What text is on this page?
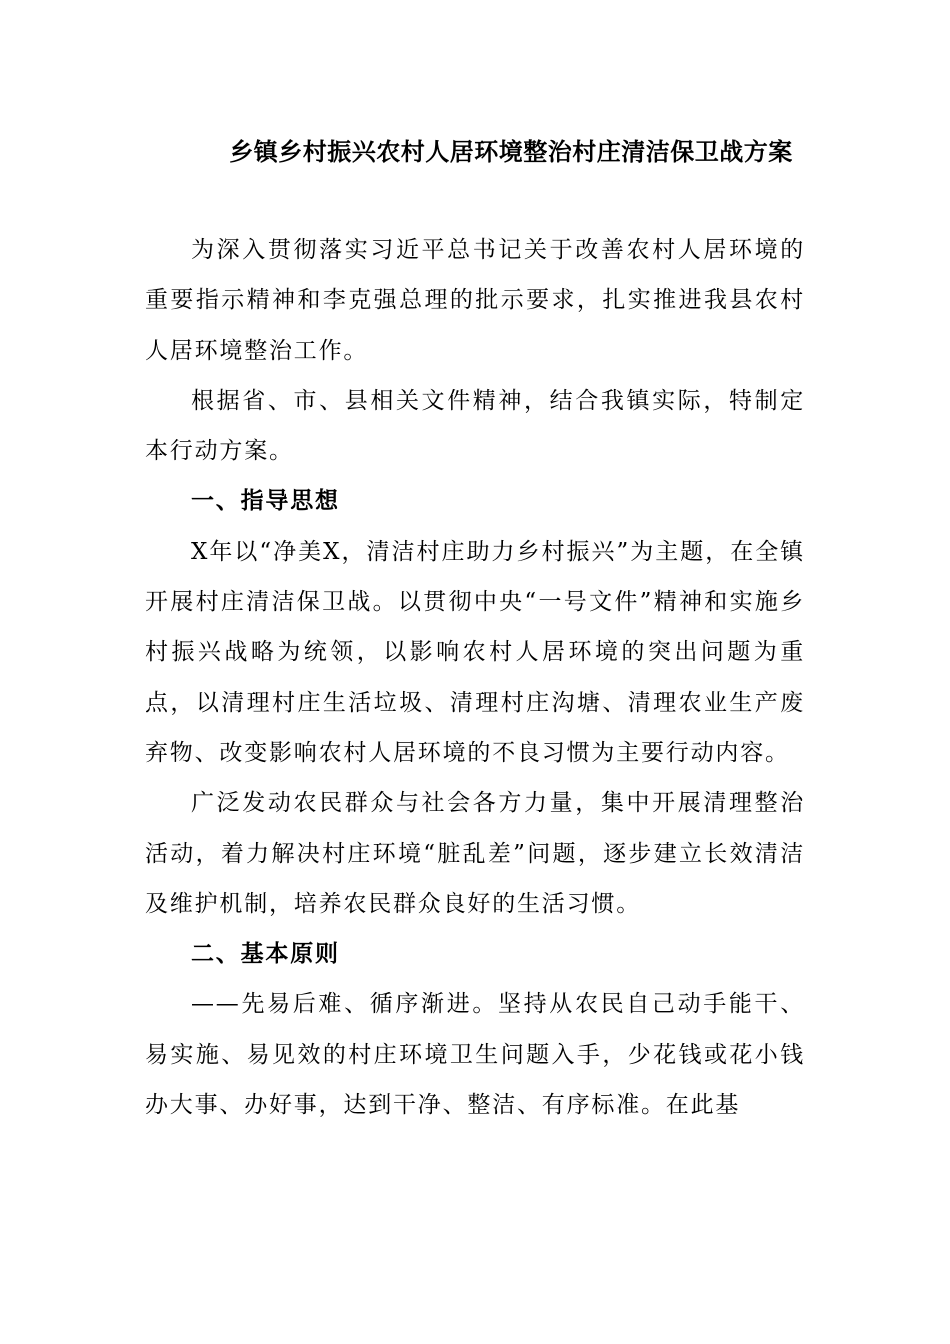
乡镇乡村振兴农村人居环境整治村庄清洁保卫战方案

为深入贯彻落实习近平总书记关于改善农村人居环境的重要指示精神和李克强总理的批示要求，扎实推进我县农村人居环境整治工作。

根据省、市、县相关文件精神，结合我镇实际，特制定本行动方案。

一、指导思想

X年以“净美X，清洁村庄助力乡村振兴”为主题，在全镇开展村庄清洁保卫战。以贯彻中央“一号文件”精神和实施乡村振兴战略为统领，以影响农村人居环境的突出问题为重点，以清理村庄生活垃圾、清理村庄沟塘、清理农业生产废弃物、改变影响农村人居环境的不良习惯为主要行动内容。

广泛发动农民群众与社会各方力量，集中开展清理整治活动，着力解决村庄环境“脏乱差”问题，逐步建立长效清洁及维护机制，培养农民群众良好的生活习惯。

二、基本原则

——先易后难、循序渐进。坚持从农民自己动手能干、易实施、易见效的村庄环境卫生问题入手，少花钱或花小钱办大事、办好事，达到干净、整洁、有序标准。在此基
